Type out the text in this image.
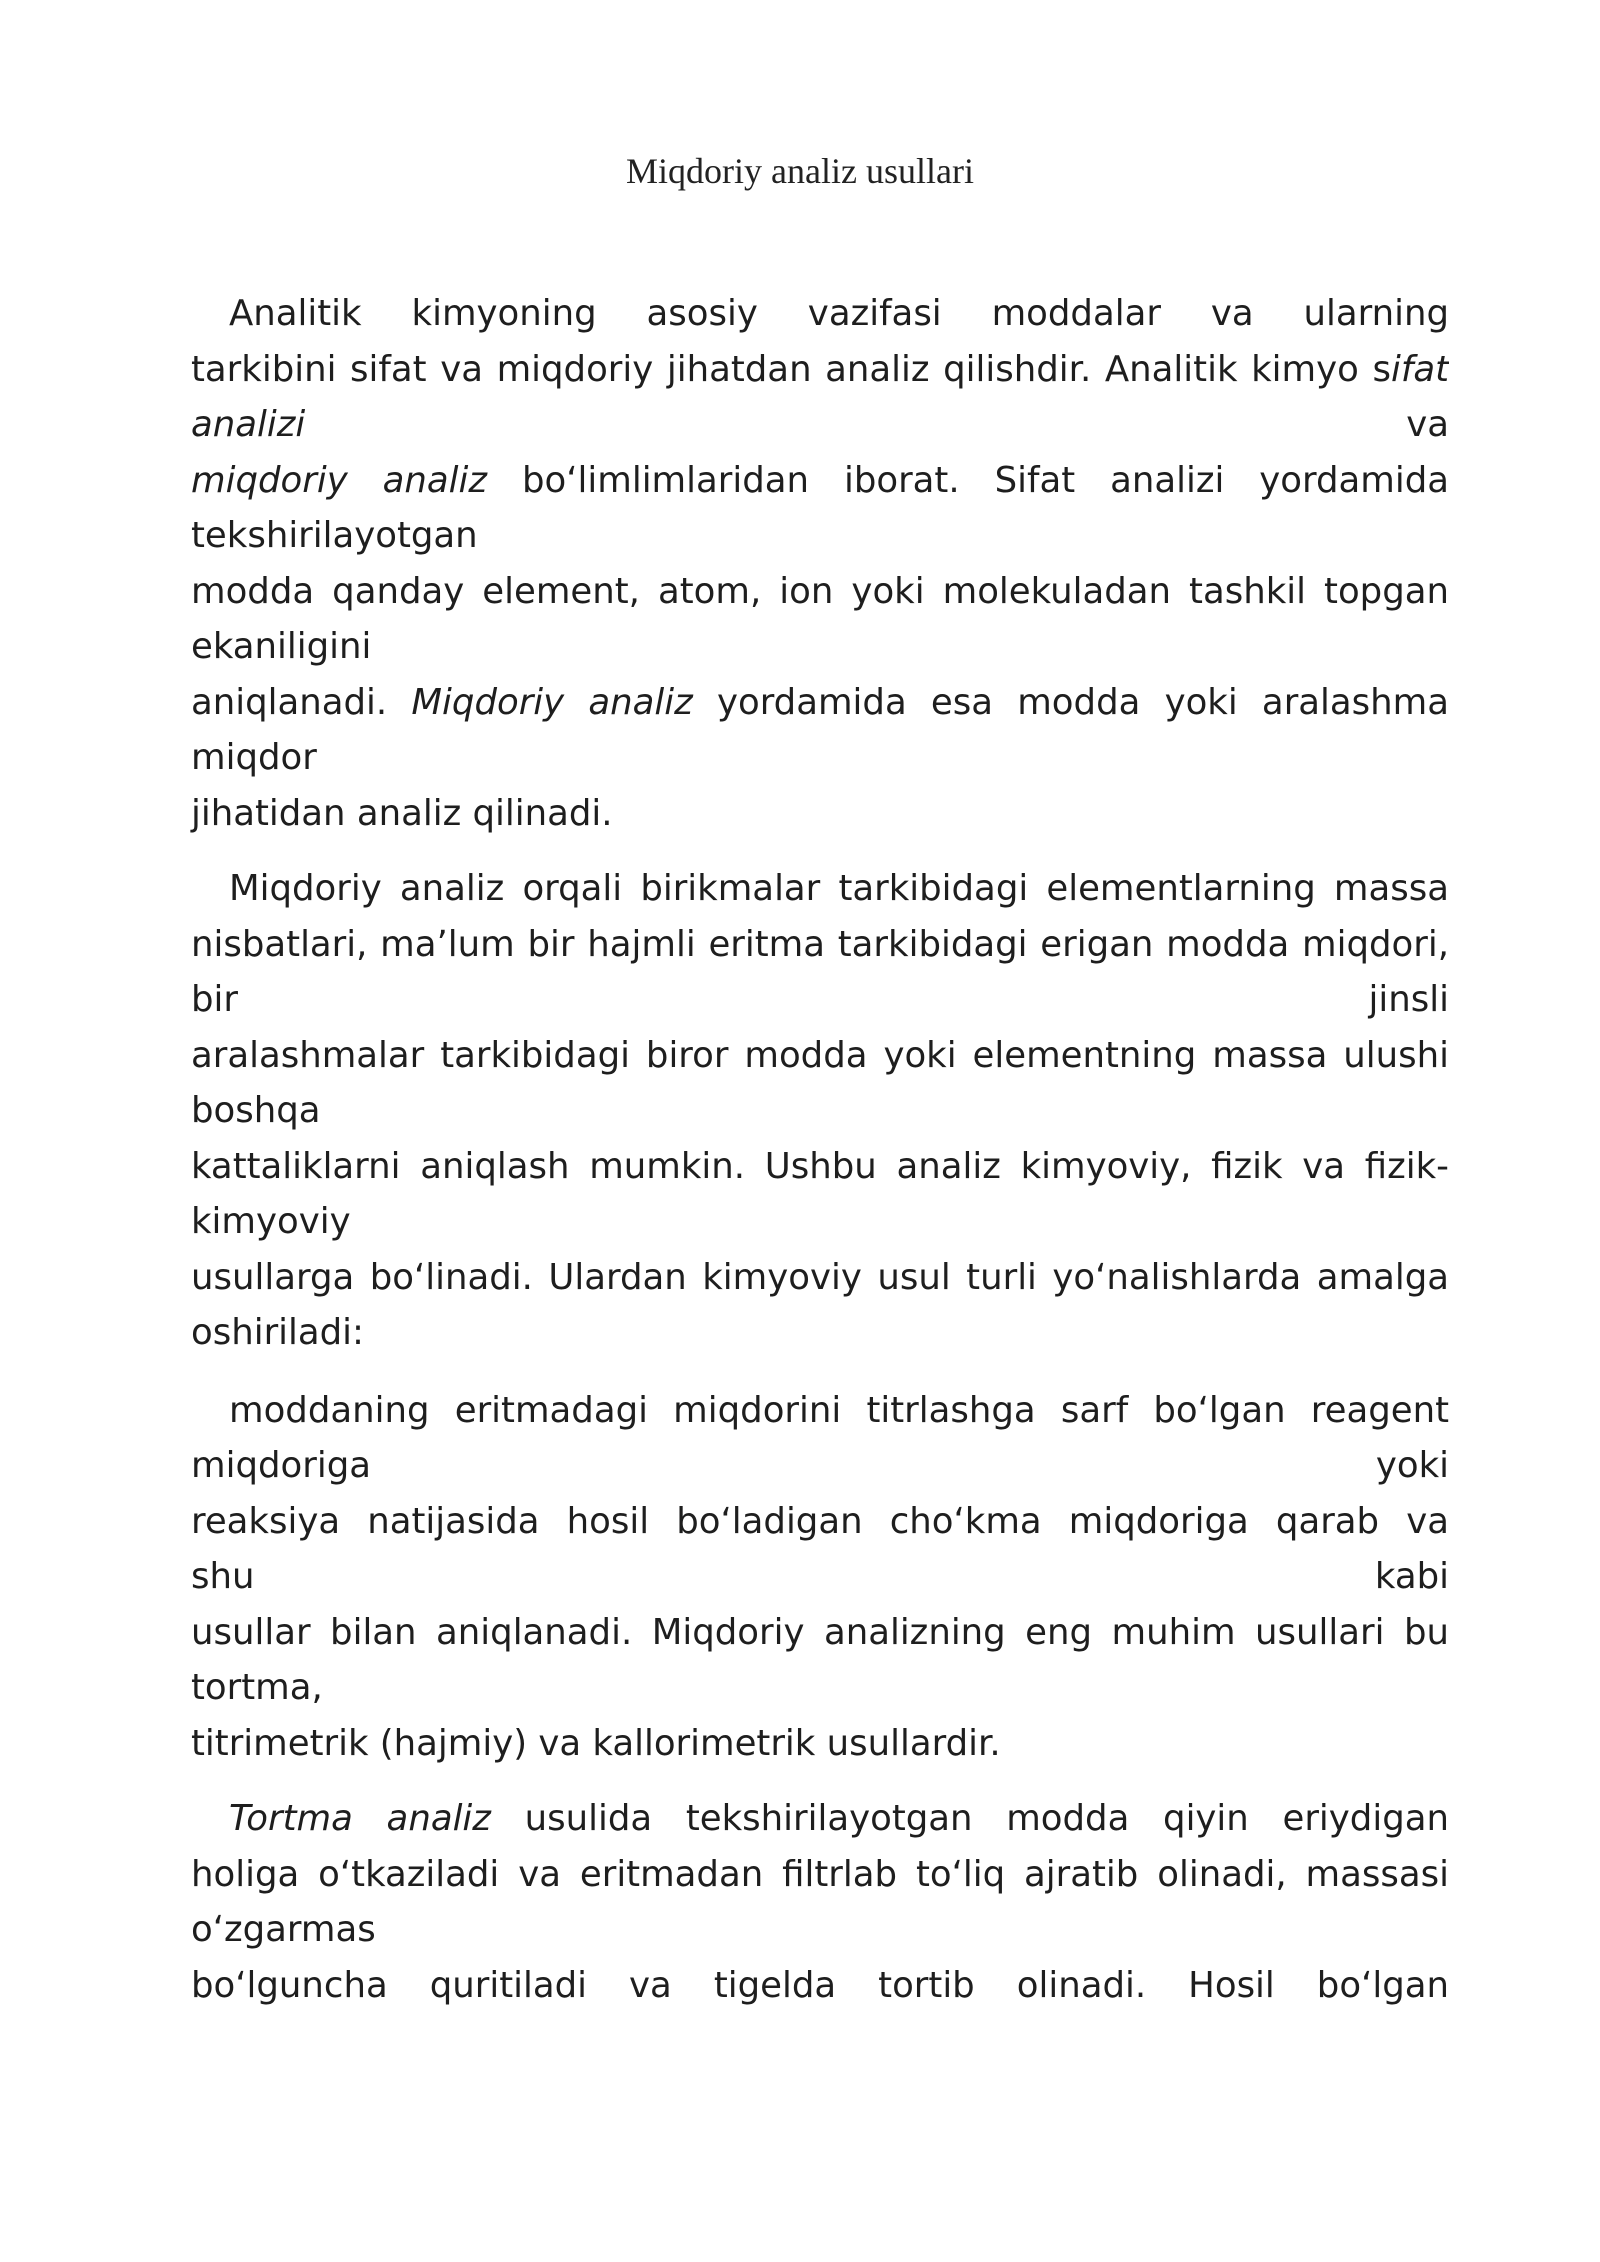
Miqdoriy analiz usullari
Analitik kimyoning asosiy vazifasi moddalar va ularning
tarkibini sifat va miqdoriy jihatdan analiz qilishdir. Analitik kimyo sifat
analizi va
miqdoriy analiz bo‘limlimlaridan iborat. Sifat analizi yordamida
tekshirilayotgan
modda qanday element, atom, ion yoki molekuladan tashkil topgan
ekaniligini
aniqlanadi. Miqdoriy analiz yordamida esa modda yoki aralashma
miqdor
jihatidan analiz qilinadi.
Miqdoriy analiz orqali birikmalar tarkibidagi elementlarning massa
nisbatlari, ma’lum bir hajmli eritma tarkibidagi erigan modda miqdori,
bir jinsli
aralashmalar tarkibidagi biror modda yoki elementning massa ulushi
boshqa
kattaliklarni aniqlash mumkin. Ushbu analiz kimyoviy, fizik va fizik-
kimyoviy
usullarga bo‘linadi. Ulardan kimyoviy usul turli yo‘nalishlarda amalga
oshiriladi:
moddaning eritmadagi miqdorini titrlashga sarf bo‘lgan reagent
miqdoriga yoki
reaksiya natijasida hosil bo‘ladigan cho‘kma miqdoriga qarab va
shu kabi
usullar bilan aniqlanadi. Miqdoriy analizning eng muhim usullari bu
tortma,
titrimetrik (hajmiy) va kallorimetrik usullardir.
Tortma analiz usulida tekshirilayotgan modda qiyin eriydigan
holiga o‘tkaziladi va eritmadan filtrlab to‘liq ajratib olinadi, massasi
o‘zgarmas
bo‘lguncha quritiladi va tigelda tortib olinadi. Hosil bo‘lgan
